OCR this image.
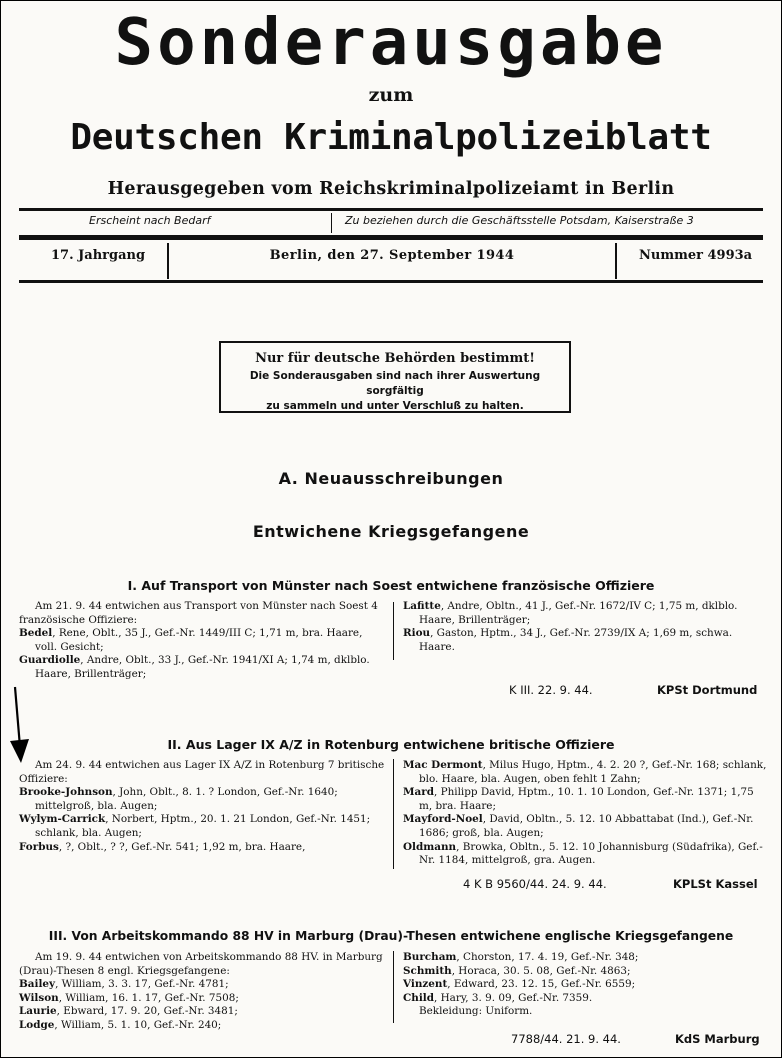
Sonderausgabe
zum
Deutschen Kriminalpolizeiblatt
Herausgegeben vom Reichskriminalpolizeiamt in Berlin
Erscheint nach Bedarf	Zu beziehen durch die Geschäftsstelle Potsdam, Kaiserstraße 3
17. Jahrgang	Berlin, den 27. September 1944	Nummer 4993a
Nur für deutsche Behörden bestimmt!
Die Sonderausgaben sind nach ihrer Auswertung sorgfältig
zu sammeln und unter Verschluß zu halten.
A. Neuausschreibungen
Entwichene Kriegsgefangene
I. Auf Transport von Münster nach Soest entwichene französische Offiziere

Am 21. 9. 44 entwichen aus Transport von Münster nach Soest 4 französische Offiziere:

Bedel, Rene, Oblt., 35 J., Gef.-Nr. 1449/III C; 1,71 m, bra. Haare, voll. Gesicht;

Guardiolle, Andre, Oblt., 33 J., Gef.-Nr. 1941/XI A; 1,74 m, dklblo. Haare, Brillenträger;

Lafitte, Andre, Obltn., 41 J., Gef.-Nr. 1672/IV C; 1,75 m, dklblo. Haare, Brillenträger;

Riou, Gaston, Hptm., 34 J., Gef.-Nr. 2739/IX A; 1,69 m, schwa. Haare.

K III. 22. 9. 44.	KPSt Dortmund
II. Aus Lager IX A/Z in Rotenburg entwichene britische Offiziere

Am 24. 9. 44 entwichen aus Lager IX A/Z in Rotenburg 7 britische Offiziere:

Brooke-Johnson, John, Oblt., 8. 1. ? London, Gef.-Nr. 1640; mittelgroß, bla. Augen;

Wylym-Carrick, Norbert, Hptm., 20. 1. 21 London, Gef.-Nr. 1451; schlank, bla. Augen;

Forbus, ?, Oblt., ? ?, Gef.-Nr. 541; 1,92 m, bra. Haare,

Mac Dermont, Milus Hugo, Hptm., 4. 2. 20 ?, Gef.-Nr. 168; schlank, blo. Haare, bla. Augen, oben fehlt 1 Zahn;

Mard, Philipp David, Hptm., 10. 1. 10 London, Gef.-Nr. 1371; 1,75 m, bra. Haare;

Mayford-Noel, David, Obltn., 5. 12. 10 Abbattabat (Ind.), Gef.-Nr. 1686; groß, bla. Augen;

Oldmann, Browka, Obltn., 5. 12. 10 Johannisburg (Südafrika), Gef.-Nr. 1184, mittelgroß, gra. Augen.

4 K B 9560/44. 24. 9. 44.	KPLSt Kassel
III. Von Arbeitskommando 88 HV in Marburg (Drau)-Thesen entwichene englische Kriegsgefangene

Am 19. 9. 44 entwichen von Arbeitskommando 88 HV. in Marburg (Drau)-Thesen 8 engl. Kriegsgefangene:

Bailey, William, 3. 3. 17, Gef.-Nr. 4781;

Wilson, William, 16. 1. 17, Gef.-Nr. 7508;

Laurie, Ebward, 17. 9. 20, Gef.-Nr. 3481;

Lodge, William, 5. 1. 10, Gef.-Nr. 240;

Burcham, Chorston, 17. 4. 19, Gef.-Nr. 348;

Schmith, Horaca, 30. 5. 08, Gef.-Nr. 4863;

Vinzent, Edward, 23. 12. 15, Gef.-Nr. 6559;

Child, Hary, 3. 9. 09, Gef.-Nr. 7359.

Bekleidung: Uniform.

7788/44. 21. 9. 44.	KdS Marburg
